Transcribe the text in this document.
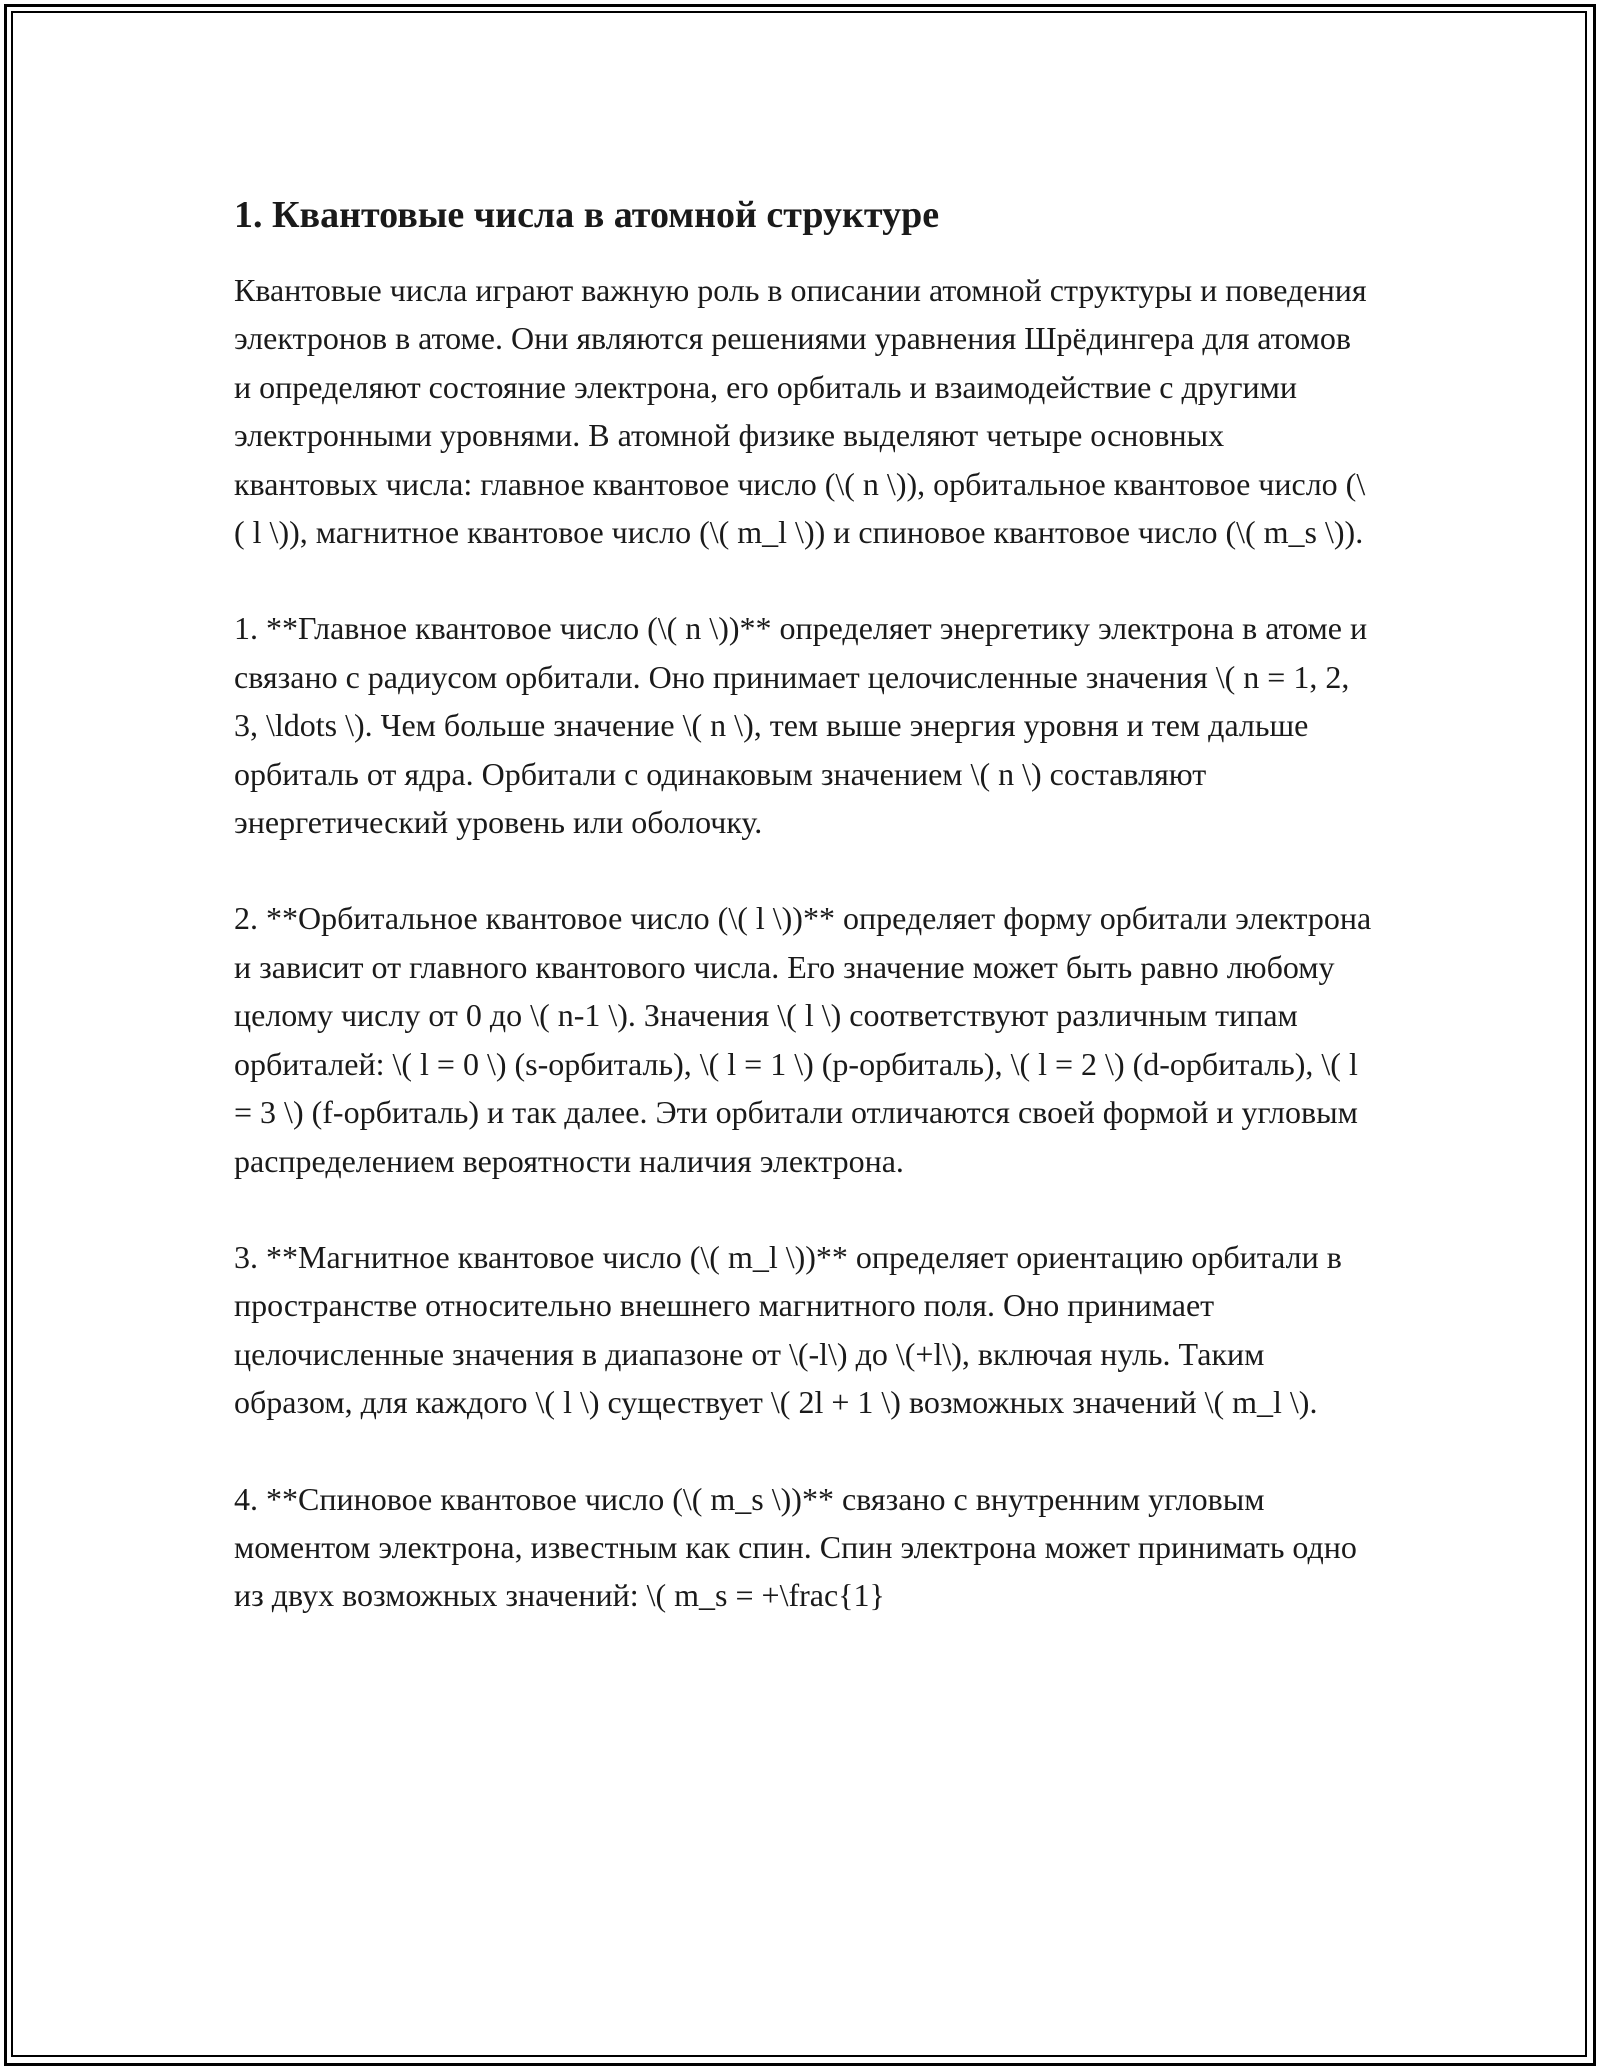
1. Квантовые числа в атомной структуре

Квантовые числа играют важную роль в описании атомной структуры и поведения электронов в атоме. Они являются решениями уравнения Шрёдингера для атомов и определяют состояние электрона, его орбиталь и взаимодействие с другими электронными уровнями. В атомной физике выделяют четыре основных квантовых числа: главное квантовое число (\( n \)), орбитальное квантовое число (\( l \)), магнитное квантовое число (\( m_l \)) и спиновое квантовое число (\( m_s \)).

1. **Главное квантовое число (\( n \))** определяет энергетику электрона в атоме и связано с радиусом орбитали. Оно принимает целочисленные значения \( n = 1, 2, 3, \ldots \). Чем больше значение \( n \), тем выше энергия уровня и тем дальше орбиталь от ядра. Орбитали с одинаковым значением \( n \) составляют энергетический уровень или оболочку.

2. **Орбитальное квантовое число (\( l \))** определяет форму орбитали электрона и зависит от главного квантового числа. Его значение может быть равно любому целому числу от 0 до \( n-1 \). Значения \( l \) соответствуют различным типам орбиталей: \( l = 0 \) (s-орбиталь), \( l = 1 \) (p-орбиталь), \( l = 2 \) (d-орбиталь), \( l = 3 \) (f-орбиталь) и так далее. Эти орбитали отличаются своей формой и угловым распределением вероятности наличия электрона.

3. **Магнитное квантовое число (\( m_l \))** определяет ориентацию орбитали в пространстве относительно внешнего магнитного поля. Оно принимает целочисленные значения в диапазоне от \(-l\) до \(+l\), включая нуль. Таким образом, для каждого \( l \) существует \( 2l + 1 \) возможных значений \( m_l \).

4. **Спиновое квантовое число (\( m_s \))** связано с внутренним угловым моментом электрона, известным как спин. Спин электрона может принимать одно из двух возможных значений: \( m_s = +\frac{1}
